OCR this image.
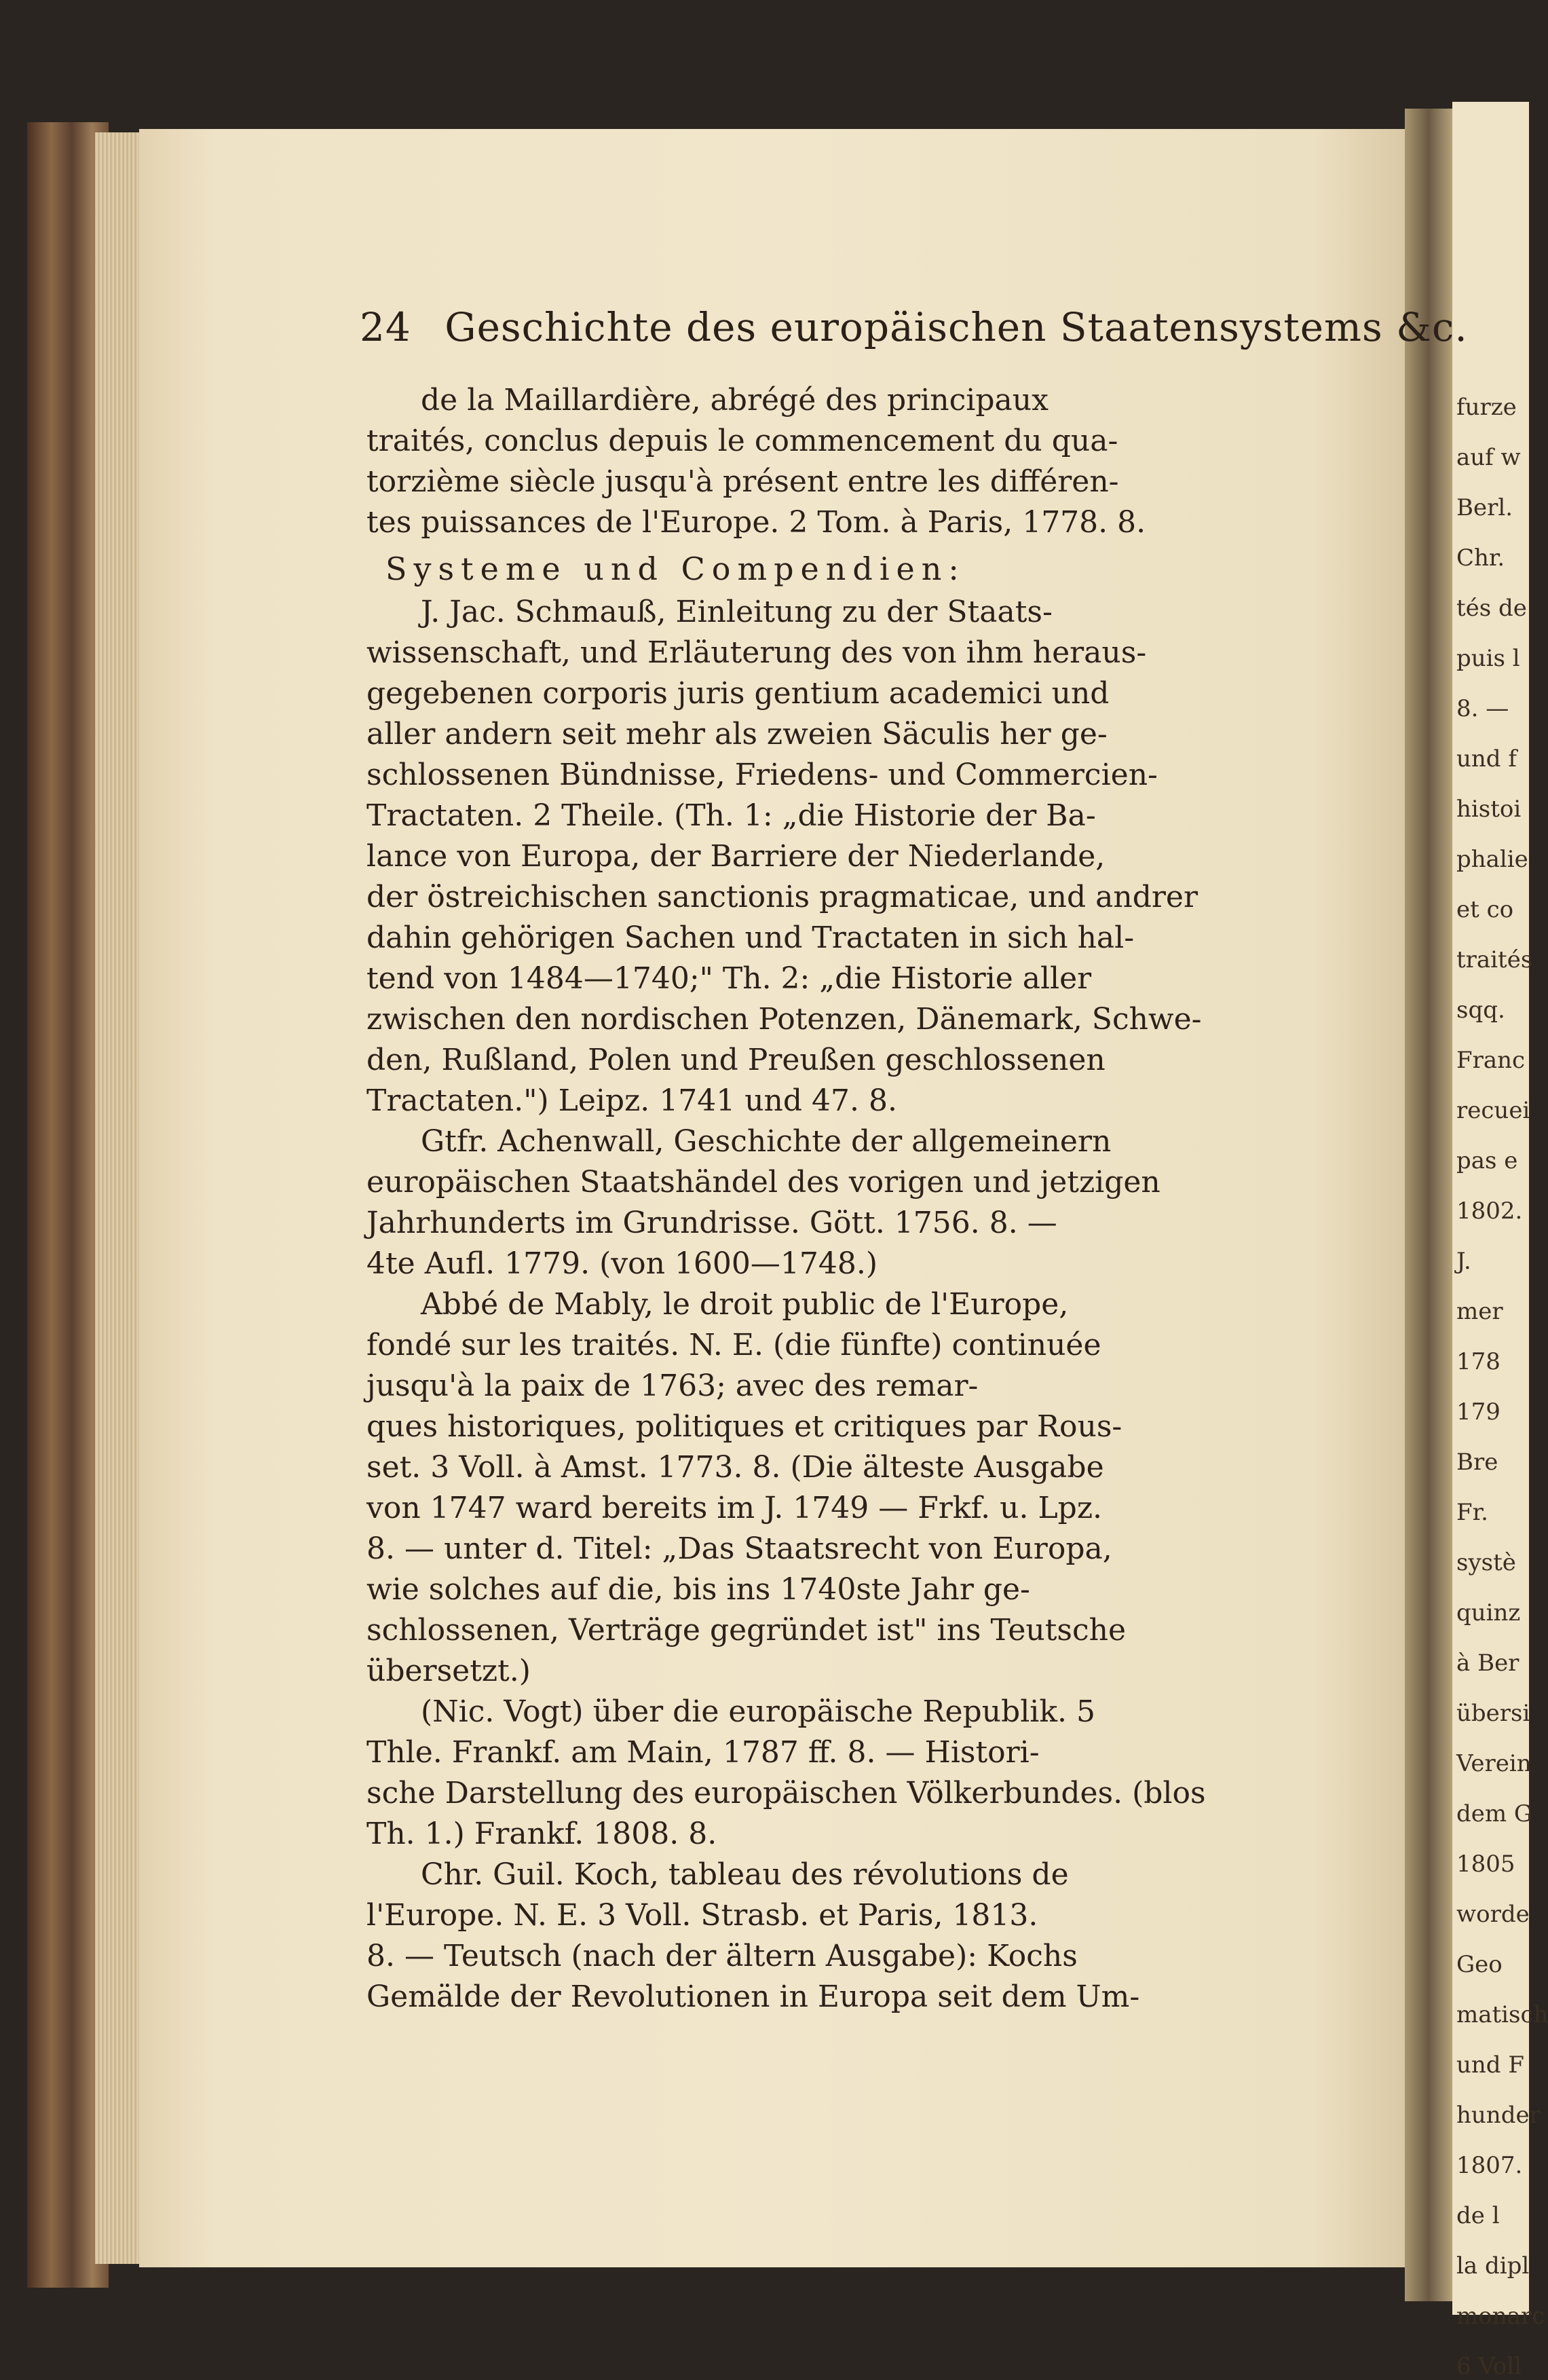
furze
auf w
Berl.
Chr.
tés de
puis l
8. —
und f
histoi
phalie
et co
traités
sqq.
Franc
recuei
pas e
1802.
J.
mer
178
179
Bre
Fr.
systè
quinz
à Ber
übersi
Verein
dem G
1805
worde
Geo
matisch
und F
hunder
1807.
de l
la dipl
monarc
6 Voll
24 Geschichte des europäischen Staatensystems &c.
de la Maillardière, abrégé des principaux
traités, conclus depuis le commencement du qua-
torzième siècle jusqu'à présent entre les différen-
tes puissances de l'Europe. 2 Tom. à Paris, 1778. 8.
Systeme und Compendien:
J. Jac. Schmauß, Einleitung zu der Staats-
wissenschaft, und Erläuterung des von ihm heraus-
gegebenen corporis juris gentium academici und
aller andern seit mehr als zweien Säculis her ge-
schlossenen Bündnisse, Friedens- und Commercien-
Tractaten. 2 Theile. (Th. 1: „die Historie der Ba-
lance von Europa, der Barriere der Niederlande,
der östreichischen sanctionis pragmaticae, und andrer
dahin gehörigen Sachen und Tractaten in sich hal-
tend von 1484—1740;" Th. 2: „die Historie aller
zwischen den nordischen Potenzen, Dänemark, Schwe-
den, Rußland, Polen und Preußen geschlossenen
Tractaten.") Leipz. 1741 und 47. 8.
Gtfr. Achenwall, Geschichte der allgemeinern
europäischen Staatshändel des vorigen und jetzigen
Jahrhunderts im Grundrisse. Gött. 1756. 8. —
4te Aufl. 1779. (von 1600—1748.)
Abbé de Mably, le droit public de l'Europe,
fondé sur les traités. N. E. (die fünfte) continuée
jusqu'à la paix de 1763; avec des remar-
ques historiques, politiques et critiques par Rous-
set. 3 Voll. à Amst. 1773. 8. (Die älteste Ausgabe
von 1747 ward bereits im J. 1749 — Frkf. u. Lpz.
8. — unter d. Titel: „Das Staatsrecht von Europa,
wie solches auf die, bis ins 1740ste Jahr ge-
schlossenen, Verträge gegründet ist" ins Teutsche
übersetzt.)
(Nic. Vogt) über die europäische Republik. 5
Thle. Frankf. am Main, 1787 ff. 8. — Histori-
sche Darstellung des europäischen Völkerbundes. (blos
Th. 1.) Frankf. 1808. 8.
Chr. Guil. Koch, tableau des révolutions de
l'Europe. N. E. 3 Voll. Strasb. et Paris, 1813.
8. — Teutsch (nach der ältern Ausgabe): Kochs
Gemälde der Revolutionen in Europa seit dem Um-
